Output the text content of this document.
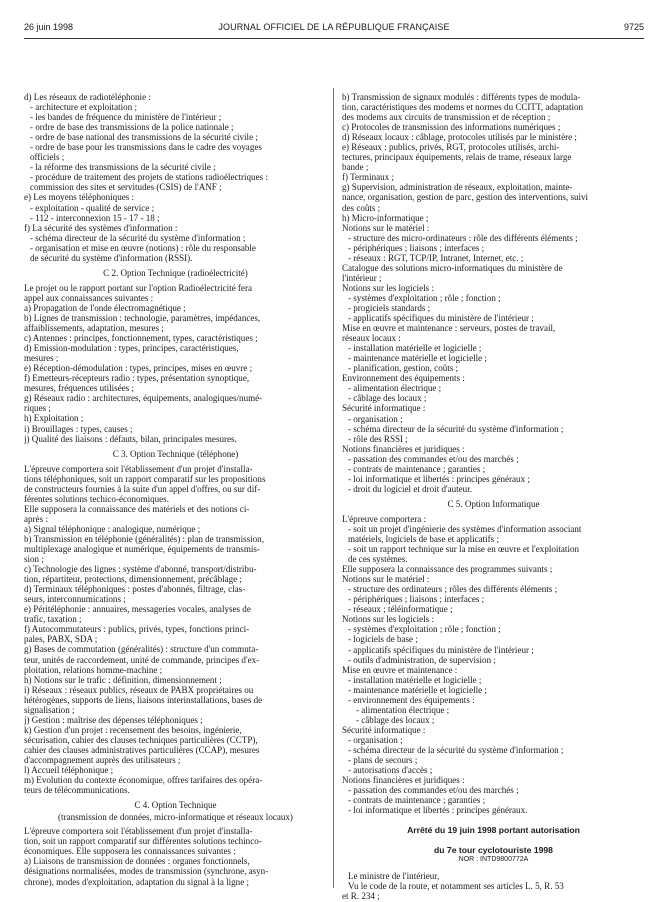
26 juin 1998	JOURNAL OFFICIEL DE LA RÉPUBLIQUE FRANÇAISE	9725
d) Les réseaux de radiotéléphonie :
- architecture et exploitation ;
- les bandes de fréquence du ministère de l'intérieur ;
- ordre de base des transmissions de la police nationale ;
- ordre de base national des transmissions de la sécurité civile ;
- ordre de base pour les transmissions dans le cadre des voyages
officiels ;
- la réforme des transmissions de la sécurité civile ;
- procédure de traitement des projets de stations radioélectriques :
commission des sites et servitudes (CSIS) de l'ANF ;
e) Les moyens téléphoniques :
- exploitation - qualité de service ;
- 112 - interconnexion 15 - 17 - 18 ;
f) La sécurité des systèmes d'information :
- schéma directeur de la sécurité du système d'information ;
- organisation et mise en œuvre (notions) : rôle du responsable
de sécurité du système d'information (RSSI).
C 2. Option Technique (radioélectricité)
Le projet ou le rapport portant sur l'option Radioélectricité fera
appel aux connaissances suivantes :
a) Propagation de l'onde électromagnétique ;
b) Lignes de transmission : technologie, paramètres, impédances,
affaiblissements, adaptation, mesures ;
c) Antennes : principes, fonctionnement, types, caractéristiques ;
d) Emission-modulation : types, principes, caractéristiques,
mesures ;
e) Réception-démodulation : types, principes, mises en œuvre ;
f) Emetteurs-récepteurs radio : types, présentation synoptique,
mesures, fréquences utilisées ;
g) Réseaux radio : architectures, équipements, analogiques/numé-
riques ;
h) Exploitation ;
i) Brouillages : types, causes ;
j) Qualité des liaisons : défauts, bilan, principales mesures.
C 3. Option Technique (téléphone)
L'épreuve comportera soit l'établissement d'un projet d'installa-
tions téléphoniques, soit un rapport comparatif sur les propositions
de constructeurs fournies à la suite d'un appel d'offres, ou sur dif-
férentes solutions techico-économiques.
Elle supposera la connaissance des matériels et des notions ci-
après :
a) Signal téléphonique : analogique, numérique ;
b) Transmission en téléphonie (généralités) : plan de transmission,
multiplexage analogique et numérique, équipements de transmis-
sion ;
c) Technologie des lignes : système d'abonné, transport/distribu-
tion, répartiteur, protections, dimensionnement, précâblage ;
d) Terminaux téléphoniques : postes d'abonnés, filtrage, clas-
seurs, interconnumications ;
e) Péritéléphonie : annuaires, messageries vocales, analyses de
trafic, taxation ;
f) Autocommutateurs : publics, privés, types, fonctions princi-
pales, PABX, SDA ;
g) Bases de commutation (généralités) : structure d'un commuta-
teur, unités de raccordement, unité de commande, principes d'ex-
ploitation, relations homme-machine ;
h) Notions sur le trafic : définition, dimensionnement ;
i) Réseaux : réseaux publics, réseaux de PABX propriétaires ou
hétérogènes, supports de liens, liaisons interinstallations, bases de
signalisation ;
j) Gestion : maîtrise des dépenses téléphoniques ;
k) Gestion d'un projet : recensement des besoins, ingénierie,
sécurisation, cahier des clauses techniques particulières (CCTP),
cahier des clauses administratives particulières (CCAP), mesures
d'accompagnement auprès des utilisateurs ;
l) Accueil téléphonique ;
m) Evolution du contexte économique, offres tarifaires des opéra-
teurs de télécommunications.
C 4. Option Technique
(transmission de données, micro-informatique et réseaux locaux)
L'épreuve comportera soit l'établissement d'un projet d'installa-
tion, soit un rapport comparatif sur différentes solutions techinco-
économiques. Elle supposera les connaissances suivantes :
a) Liaisons de transmission de données : organes fonctionnels,
désignations normalisées, modes de transmission (synchrone, asyn-
chrone), modes d'exploitation, adaptation du signal à la ligne ;
b) Transmission de signaux modulés : différents types de modula-
tion, caractéristiques des modems et normes du CCITT, adaptation
des modems aux circuits de transmission et de réception ;
c) Protocoles de transmission des informations numériques ;
d) Réseaux locaux : câblage, protocoles utilisés par le ministère ;
e) Réseaux : publics, privés, RGT, protocoles utilisés, archi-
tectures, principaux équipements, relais de trame, réseaux large
bande ;
f) Terminaux ;
g) Supervision, administration de réseaux, exploitation, mainte-
nance, organisation, gestion de parc, gestion des interventions, suivi
des coûts ;
h) Micro-informatique ;
Notions sur le matériel :
- structure des micro-ordinateurs : rôle des différents éléments ;
- périphériques ; liaisons ; interfaces ;
- réseaux : RGT, TCP/IP, Intranet, Internet, etc. ;
Catalogue des solutions micro-informatiques du ministère de
l'intérieur ;
Notions sur les logiciels :
- systèmes d'exploitation ; rôle ; fonction ;
- progiciels standards ;
- applicatifs spécifiques du ministère de l'intérieur ;
Mise en œuvre et maintenance : serveurs, postes de travail,
réseaux locaux :
- installation matérielle et logicielle ;
- maintenance matérielle et logicielle ;
- planification, gestion, coûts ;
Environnement des équipements :
- alimentation électrique ;
- câblage des locaux ;
Sécurité informatique :
- organisation ;
- schéma directeur de la sécurité du système d'information ;
- rôle des RSSI ;
Notions financières et juridiques :
- passation des commandes et/ou des marchés ;
- contrats de maintenance ; garanties ;
- loi informatique et libertés : principes généraux ;
- droit du logiciel et droit d'auteur.
C 5. Option Informatique
L'épreuve comportera :
- soit un projet d'ingénierie des systèmes d'information associant
matériels, logiciels de base et applicatifs ;
- soit un rapport technique sur la mise en œuvre et l'exploitation
de ces systèmes.
Elle supposera la connaissance des programmes suivants ;
Notions sur le matériel :
- structure des ordinateurs ; rôles des différents éléments ;
- périphériques ; liaisons ; interfaces ;
- réseaux ; téléinformatique ;
Notions sur les logiciels :
- systèmes d'exploitation ; rôle ; fonction ;
- logiciels de base ;
- applicatifs spécifiques du ministère de l'intérieur ;
- outils d'administration, de supervision ;
Mise en œuvre et maintenance :
- installation matérielle et logicielle ;
- maintenance matérielle et logicielle ;
- environnement des équipements :
- alimentation électrique ;
- câblage des locaux ;
Sécurité informatique :
- organisation ;
- schéma directeur de la sécurité du système d'information ;
- plans de secours ;
- autorisations d'accès ;
Notions financières et juridiques :
- passation des commandes et/ou des marchés ;
- contrats de maintenance ; garanties ;
- loi informatique et libertés : principes généraux.
Arrêté du 19 juin 1998 portant autorisation
du 7e tour cyclotouriste 1998
NOR : INTD9800772A
Le ministre de l'intérieur,
Vu le code de la route, et notamment ses articles L. 5, R. 53
et R. 234 ;
